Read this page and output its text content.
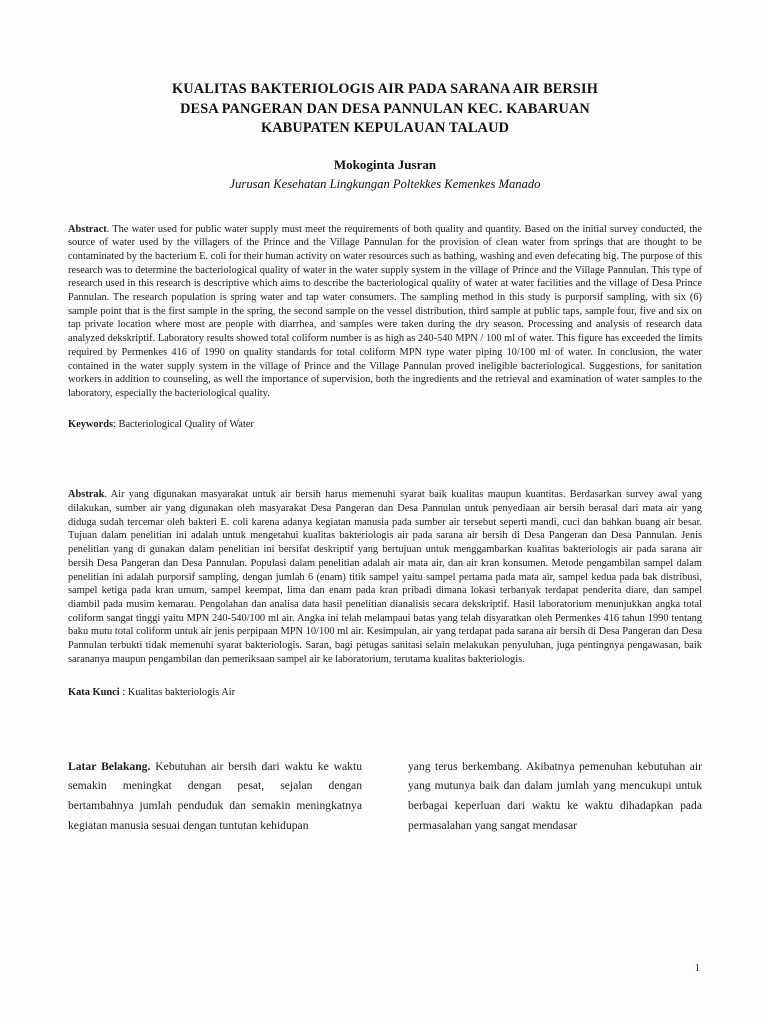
KUALITAS BAKTERIOLOGIS AIR PADA SARANA AIR BERSIH
DESA PANGERAN DAN DESA PANNULAN KEC. KABARUAN
KABUPATEN KEPULAUAN TALAUD
Mokoginta Jusran
Jurusan Kesehatan Lingkungan Poltekkes Kemenkes Manado

Abstract. The water used for public water supply must meet the requirements of both quality and quantity. Based on the initial survey conducted, the source of water used by the villagers of the Prince and the Village Pannulan for the provision of clean water from springs that are thought to be contaminated by the bacterium E. coli for their human activity on water resources such as bathing, washing and even defecating big. The purpose of this research was to determine the bacteriological quality of water in the water supply system in the village of Prince and the Village Pannulan. This type of research used in this research is descriptive which aims to describe the bacteriological quality of water at water facilities and the village of Desa Prince Pannulan. The research population is spring water and tap water consumers. The sampling method in this study is purporsif sampling, with six (6) sample point that is the first sample in the spring, the second sample on the vessel distribution, third sample at public taps, sample four, five and six on tap private location where most are people with diarrhea, and samples were taken during the dry season. Processing and analysis of research data analyzed dekskriptif. Laboratory results showed total coliform number is as high as 240-540 MPN / 100 ml of water. This figure has exceeded the limits required by Permenkes 416 of 1990 on quality standards for total coliform MPN type water piping 10/100 ml of water. In conclusion, the water contained in the water supply system in the village of Prince and the Village Pannulan proved ineligible bacteriological. Suggestions, for sanitation workers in addition to counseling, as well the importance of supervision, both the ingredients and the retrieval and examination of water samples to the laboratory, especially the bacteriological quality.

Keywords: Bacteriological Quality of Water

Abstrak. Air yang digunakan masyarakat untuk air bersih harus memenuhi syarat baik kualitas maupun kuantitas. Berdasarkan survey awal yang dilakukan, sumber air yang digunakan oleh masyarakat Desa Pangeran dan Desa Pannulan untuk penyediaan air bersih berasal dari mata air yang diduga sudah tercemar oleh bakteri E. coli karena adanya kegiatan manusia pada sumber air tersebut seperti mandi, cuci dan bahkan buang air besar. Tujuan dalam penelitian ini adalah untuk mengetahui kualitas bakteriologis air pada sarana air bersih di Desa Pangeran dan Desa Pannulan. Jenis penelitian yang di gunakan dalam penelitian ini bersifat deskriptif yang bertujuan untuk menggambarkan kualitas bakteriologis air pada sarana air bersih Desa Pangeran dan Desa Pannulan. Populasi dalam penelitian adalah air mata air, dan air kran konsumen. Metode pengambilan sampel dalam penelitian ini adalah purporsif sampling, dengan jumlah 6 (enam) titik sampel yaitu sampel pertama pada mata air, sampel kedua pada bak distribusi, sampel ketiga pada kran umum, sampel keempat, lima dan enam pada kran pribadi dimana lokasi terbanyak terdapat penderita diare, dan sampel diambil pada musim kemarau. Pengolahan dan analisa data hasil penelitian dianalisis secara dekskriptif. Hasil laboratorium menunjukkan angka total coliform sangat tinggi yaitu MPN 240-540/100 ml air. Angka ini telah melampaui batas yang telah disyaratkan oleh Permenkes 416 tahun 1990 tentang baku mutu total coliform untuk air jenis perpipaan MPN 10/100 ml air. Kesimpulan, air yang terdapat pada sarana air bersih di Desa Pangeran dan Desa Pannulan terbukti tidak memenuhi syarat bakteriologis. Saran, bagi petugas sanitasi selain melakukan penyuluhan, juga pentingnya pengawasan, baik sarananya maupun pengambilan dan pemeriksaan sampel air ke laboratorium, terutama kualitas bakteriologis.

Kata Kunci : Kualitas bakteriologis Air

Latar Belakang. Kebutuhan air bersih dari waktu ke waktu semakin meningkat dengan pesat, sejalan dengan bertambahnya jumlah penduduk dan semakin meningkatnya kegiatan manusia sesuai dengan tuntutan kehidupan

yang terus berkembang. Akibatnya pemenuhan kebutuhan air yang mutunya baik dan dalam jumlah yang mencukupi untuk berbagai keperluan dari waktu ke waktu dihadapkan pada permasalahan yang sangat mendasar

1
